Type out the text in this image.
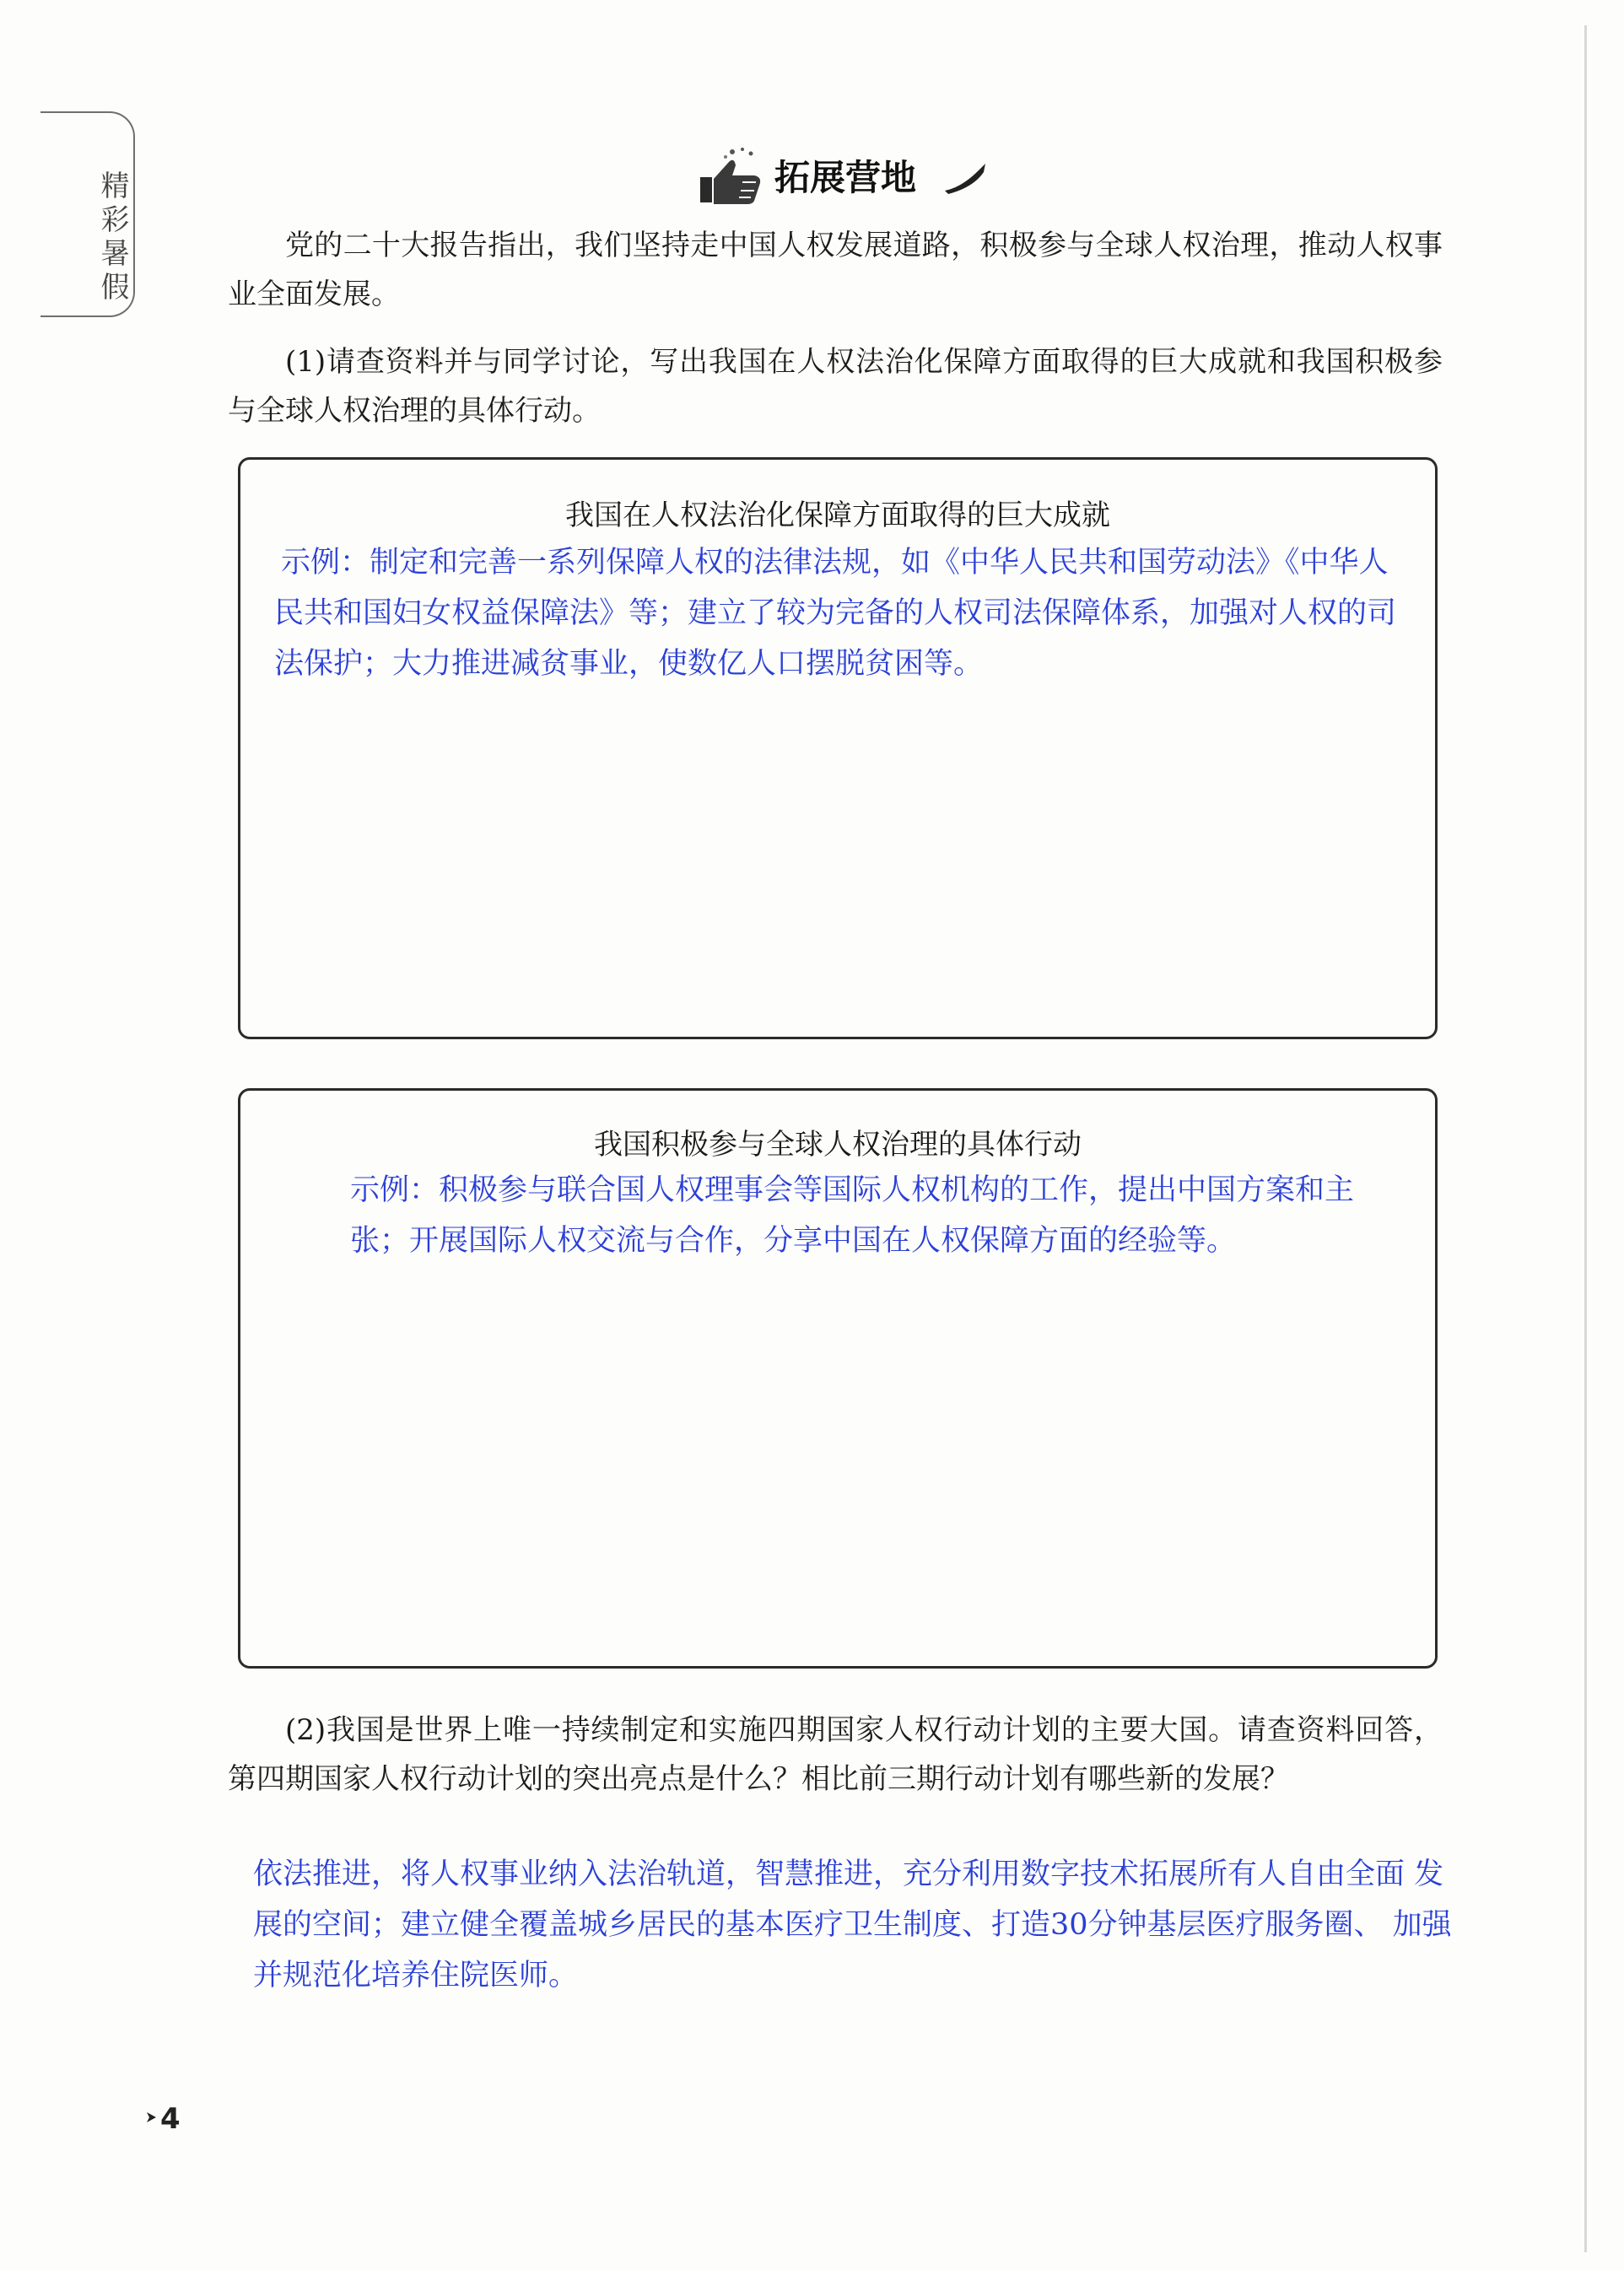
精彩暑假	拓展营地

党的二十大报告指出，我们坚持走中国人权发展道路，积极参与全球人权治理，推动人权事业全面发展。

(1)请查资料并与同学讨论，写出我国在人权法治化保障方面取得的巨大成就和我国积极参与全球人权治理的具体行动。

我国在人权法治化保障方面取得的巨大成就

示例：制定和完善一系列保障人权的法律法规，如《中华人民共和国劳动法》《中华人民共和国妇女权益保障法》等；建立了较为完备的人权司法保障体系，加强对人权的司法保护；大力推进减贫事业，使数亿人口摆脱贫困等。

我国积极参与全球人权治理的具体行动

示例：积极参与联合国人权理事会等国际人权机构的工作，提出中国方案和主张；开展国际人权交流与合作，分享中国在人权保障方面的经验等。

(2)我国是世界上唯一持续制定和实施四期国家人权行动计划的主要大国。请查资料回答，第四期国家人权行动计划的突出亮点是什么？相比前三期行动计划有哪些新的发展？

依法推进，将人权事业纳入法治轨道，智慧推进，充分利用数字技术拓展所有人自由全面 发展的空间；建立健全覆盖城乡居民的基本医疗卫生制度、打造30分钟基层医疗服务圈、 加强并规范化培养住院医师。

4
